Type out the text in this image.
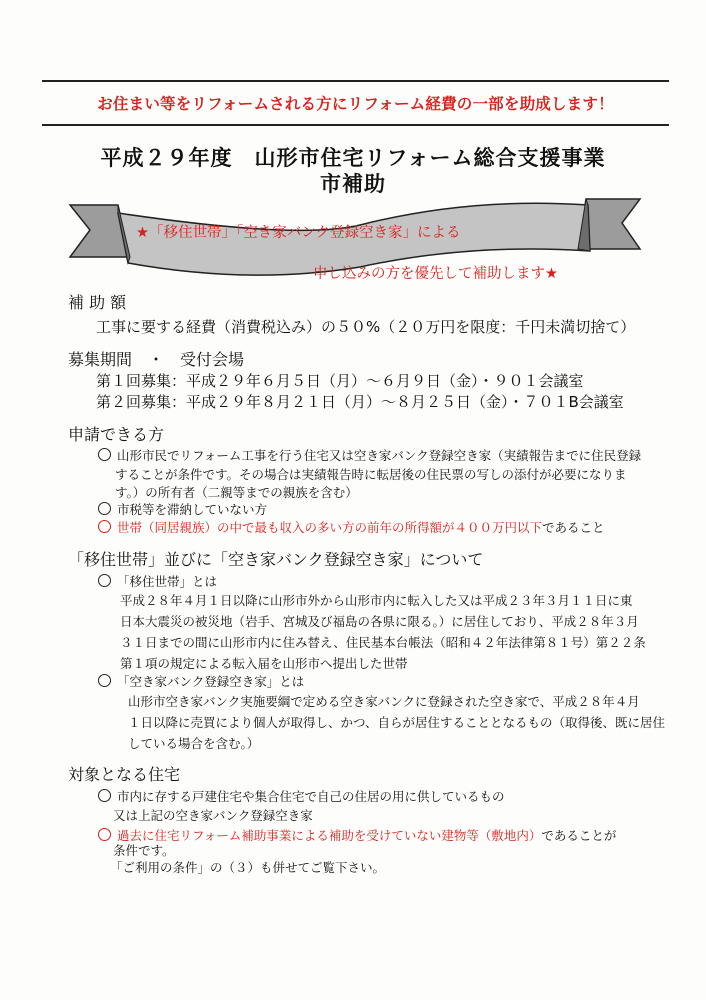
お住まい等をリフォームされる方にリフォーム経費の一部を助成します！
平成２９年度　山形市住宅リフォーム総合支援事業
市補助
★「移住世帯」「空き家バンク登録空き家」による
申し込みの方を優先して補助します★
補 助 額
工事に要する経費（消費税込み）の５０%（２０万円を限度：千円未満切捨て）
募集期間　・　受付会場
第１回募集：平成２９年６月５日（月）～６月９日（金）・９０１会議室
第２回募集：平成２９年８月２１日（月）～８月２５日（金）・７０１B会議室
申請できる方
山形市民でリフォーム工事を行う住宅又は空き家バンク登録空き家（実績報告までに住民登録
することが条件です。その場合は実績報告時に転居後の住民票の写しの添付が必要になりま
す。）の所有者（二親等までの親族を含む）
市税等を滞納していない方
世帯（同居親族）の中で最も収入の多い方の前年の所得額が４００万円以下であること
「移住世帯」並びに「空き家バンク登録空き家」について
「移住世帯」とは
平成２８年４月１日以降に山形市外から山形市内に転入した又は平成２３年３月１１日に東
日本大震災の被災地（岩手、宮城及び福島の各県に限る。）に居住しており、平成２８年３月
３１日までの間に山形市内に住み替え、住民基本台帳法（昭和４２年法律第８１号）第２２条
第１項の規定による転入届を山形市へ提出した世帯
「空き家バンク登録空き家」とは
山形市空き家バンク実施要綱で定める空き家バンクに登録された空き家で、平成２８年４月
１日以降に売買により個人が取得し、かつ、自らが居住することとなるもの（取得後、既に居住
している場合を含む。）
対象となる住宅
市内に存する戸建住宅や集合住宅で自己の住居の用に供しているもの
又は上記の空き家バンク登録空き家
過去に住宅リフォーム補助事業による補助を受けていない建物等（敷地内）であることが
条件です。
「ご利用の条件」の（３）も併せてご覧下さい。
